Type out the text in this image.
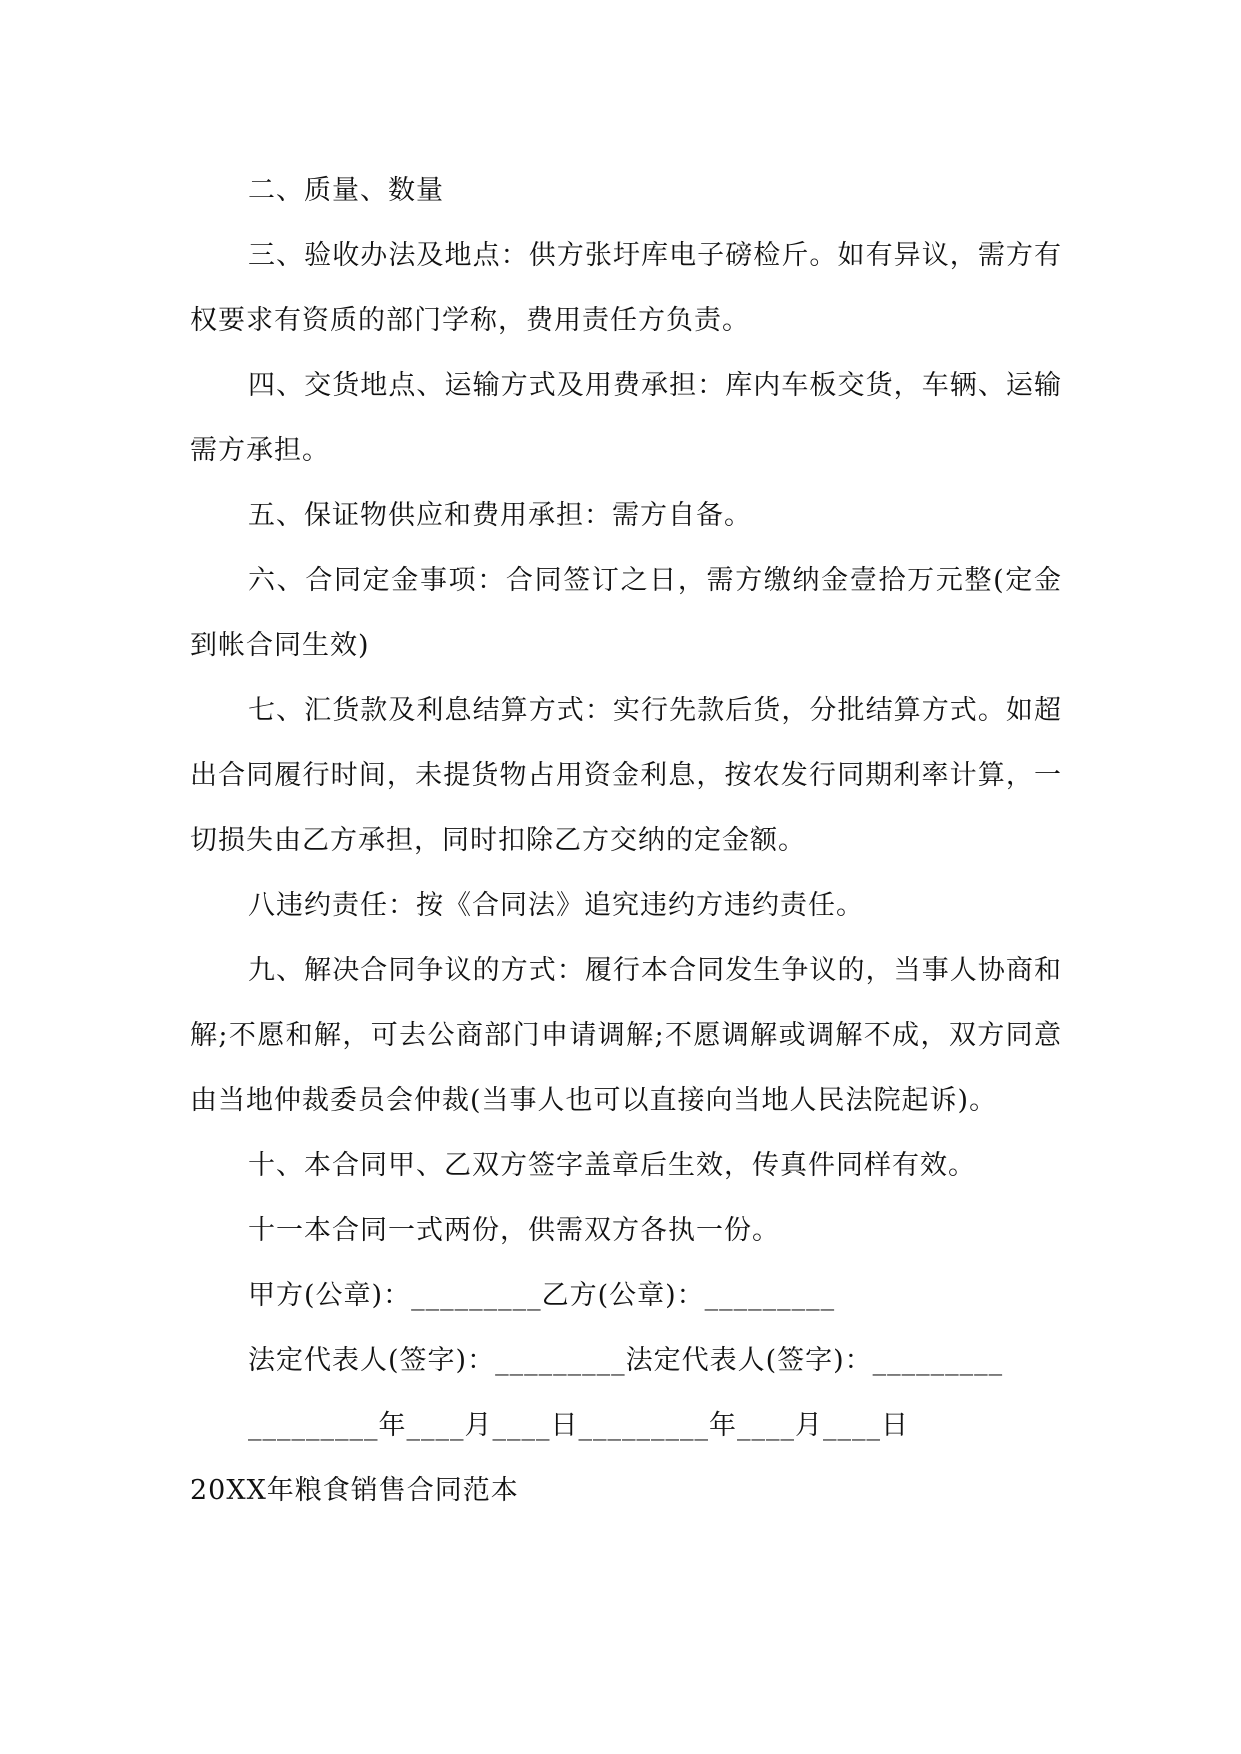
二、质量、数量

三、验收办法及地点：供方张圩库电子磅检斤。如有异议，需方有权要求有资质的部门学称，费用责任方负责。

四、交货地点、运输方式及用费承担：库内车板交货，车辆、运输需方承担。

五、保证物供应和费用承担：需方自备。

六、合同定金事项：合同签订之日，需方缴纳金壹拾万元整(定金到帐合同生效)

七、汇货款及利息结算方式：实行先款后货，分批结算方式。如超出合同履行时间，未提货物占用资金利息，按农发行同期利率计算，一切损失由乙方承担，同时扣除乙方交纳的定金额。

八违约责任：按《合同法》追究违约方违约责任。

九、解决合同争议的方式：履行本合同发生争议的，当事人协商和解;不愿和解，可去公商部门申请调解;不愿调解或调解不成，双方同意由当地仲裁委员会仲裁(当事人也可以直接向当地人民法院起诉)。

十、本合同甲、乙双方签字盖章后生效，传真件同样有效。

十一本合同一式两份，供需双方各执一份。

甲方(公章)：_________乙方(公章)：_________

法定代表人(签字)：_________法定代表人(签字)：_________

_________年____月____日_________年____月____日

20XX年粮食销售合同范本
